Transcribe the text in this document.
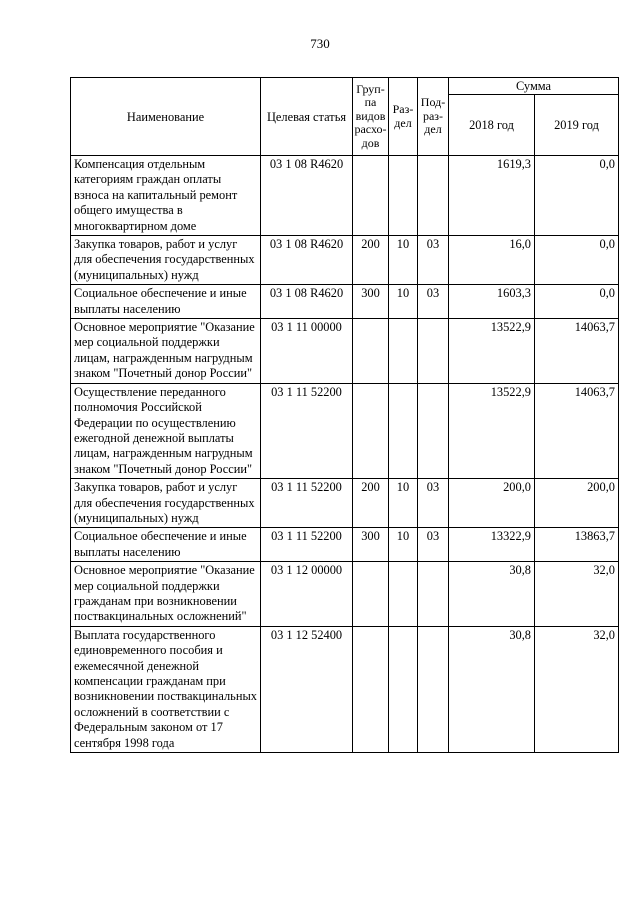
730
Наименование	Целевая статья	Груп-па видов расхо-дов	Раз-дел	Под-раз-дел	Сумма	
					2018 год	2019 год
Компенсация отдельным категориям граждан оплаты взноса на капитальный ремонт общего имущества в многоквартирном доме	03 1 08 R4620				1619,3	0,0
Закупка товаров, работ и услуг для обеспечения государственных (муниципальных) нужд	03 1 08 R4620	200	10	03	16,0	0,0
Социальное обеспечение и иные выплаты населению	03 1 08 R4620	300	10	03	1603,3	0,0
Основное мероприятие "Оказание мер социальной поддержки лицам, награжденным нагрудным знаком "Почетный донор России"	03 1 11 00000				13522,9	14063,7
Осуществление переданного полномочия Российской Федерации по осуществлению ежегодной денежной выплаты лицам, награжденным нагрудным знаком "Почетный донор России"	03 1 11 52200				13522,9	14063,7
Закупка товаров, работ и услуг для обеспечения государственных (муниципальных) нужд	03 1 11 52200	200	10	03	200,0	200,0
Социальное обеспечение и иные выплаты населению	03 1 11 52200	300	10	03	13322,9	13863,7
Основное мероприятие "Оказание мер социальной поддержки гражданам при возникновении поствакцинальных осложнений"	03 1 12 00000				30,8	32,0
Выплата государственного единовременного пособия и ежемесячной денежной компенсации гражданам при возникновении поствакцинальных осложнений в соответствии с Федеральным законом от 17 сентября 1998 года	03 1 12 52400				30,8	32,0
